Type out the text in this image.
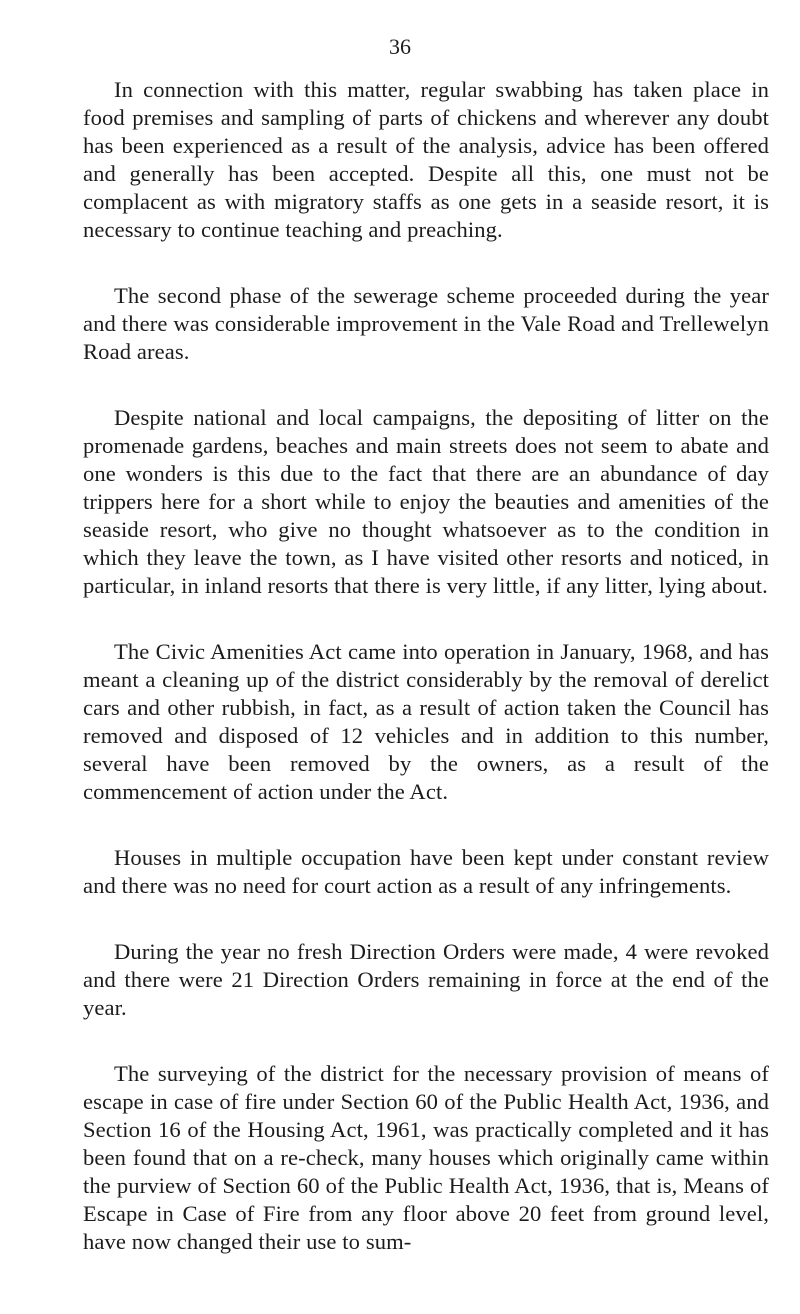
36

In connection with this matter, regular swabbing has taken place in food premises and sampling of parts of chickens and wherever any doubt has been experienced as a result of the analysis, advice has been offered and generally has been accepted. Despite all this, one must not be complacent as with migratory staffs as one gets in a seaside resort, it is necessary to continue teaching and preaching.

The second phase of the sewerage scheme proceeded during the year and there was considerable improvement in the Vale Road and Trellewelyn Road areas.

Despite national and local campaigns, the depositing of litter on the promenade gardens, beaches and main streets does not seem to abate and one wonders is this due to the fact that there are an abundance of day trippers here for a short while to enjoy the beauties and amenities of the seaside resort, who give no thought whatsoever as to the condition in which they leave the town, as I have visited other resorts and noticed, in particular, in inland resorts that there is very little, if any litter, lying about.

The Civic Amenities Act came into operation in January, 1968, and has meant a cleaning up of the district considerably by the removal of derelict cars and other rubbish, in fact, as a result of action taken the Council has removed and disposed of 12 vehicles and in addition to this number, several have been removed by the owners, as a result of the commencement of action under the Act.

Houses in multiple occupation have been kept under constant review and there was no need for court action as a result of any infringements.

During the year no fresh Direction Orders were made, 4 were revoked and there were 21 Direction Orders remaining in force at the end of the year.

The surveying of the district for the necessary provision of means of escape in case of fire under Section 60 of the Public Health Act, 1936, and Section 16 of the Housing Act, 1961, was practically completed and it has been found that on a re-check, many houses which originally came within the purview of Section 60 of the Public Health Act, 1936, that is, Means of Escape in Case of Fire from any floor above 20 feet from ground level, have now changed their use to sum-
